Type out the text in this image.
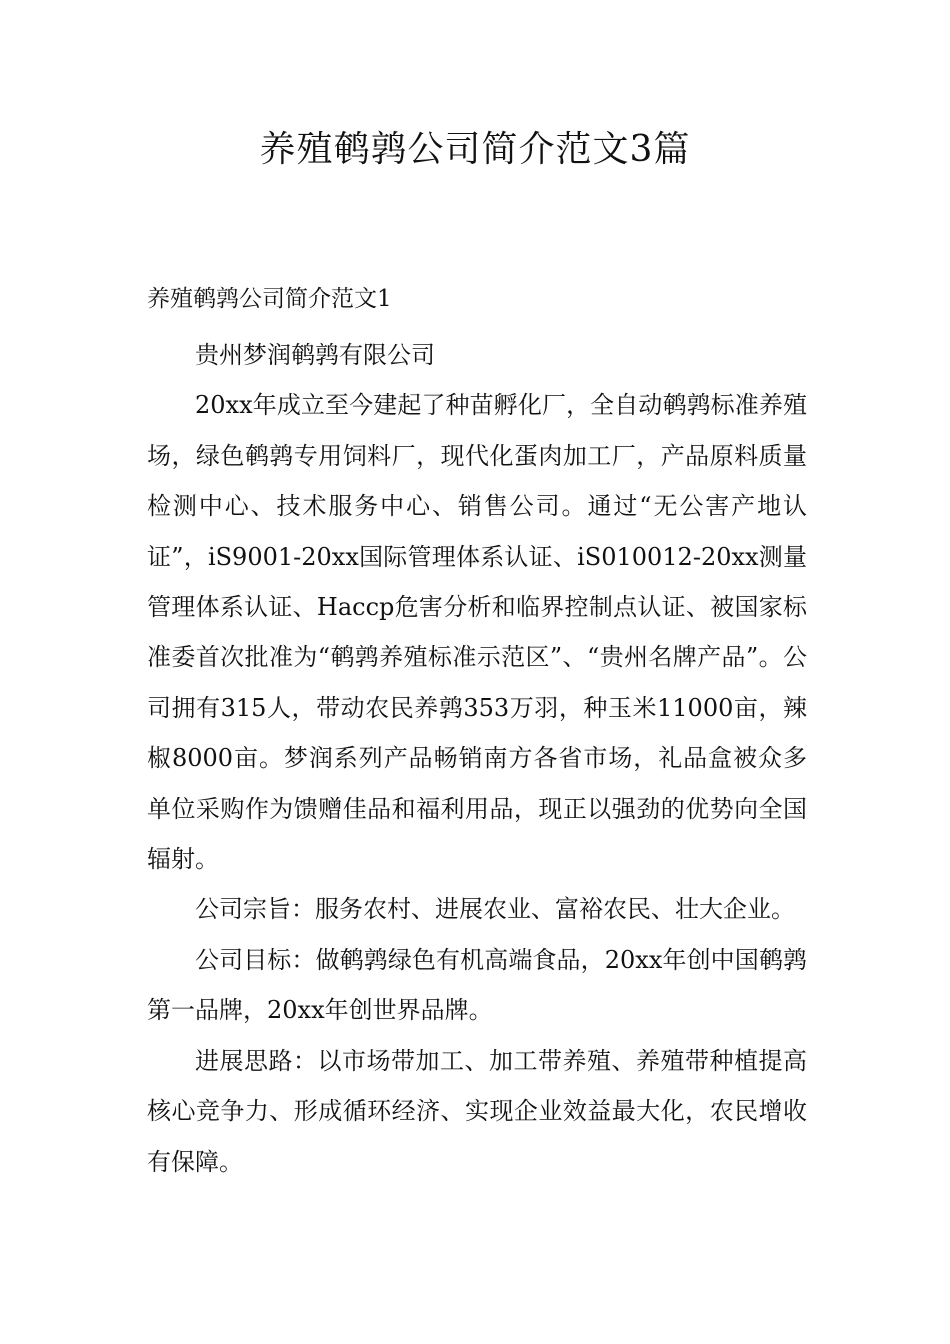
养殖鹌鹑公司简介范文3篇
养殖鹌鹑公司简介范文1

贵州梦润鹌鹑有限公司

20xx年成立至今建起了种苗孵化厂，全自动鹌鹑标准养殖场，绿色鹌鹑专用饲料厂，现代化蛋肉加工厂，产品原料质量检测中心、技术服务中心、销售公司。通过“无公害产地认证”，iS9001-20xx国际管理体系认证、iS010012-20xx测量管理体系认证、Haccp危害分析和临界控制点认证、被国家标准委首次批准为“鹌鹑养殖标准示范区”、“贵州名牌产品”。公司拥有315人，带动农民养鹑353万羽，种玉米11000亩，辣椒8000亩。梦润系列产品畅销南方各省市场，礼品盒被众多单位采购作为馈赠佳品和福利用品，现正以强劲的优势向全国辐射。

公司宗旨：服务农村、进展农业、富裕农民、壮大企业。

公司目标：做鹌鹑绿色有机高端食品，20xx年创中国鹌鹑第一品牌，20xx年创世界品牌。

进展思路：以市场带加工、加工带养殖、养殖带种植提高核心竞争力、形成循环经济、实现企业效益最大化，农民增收有保障。
